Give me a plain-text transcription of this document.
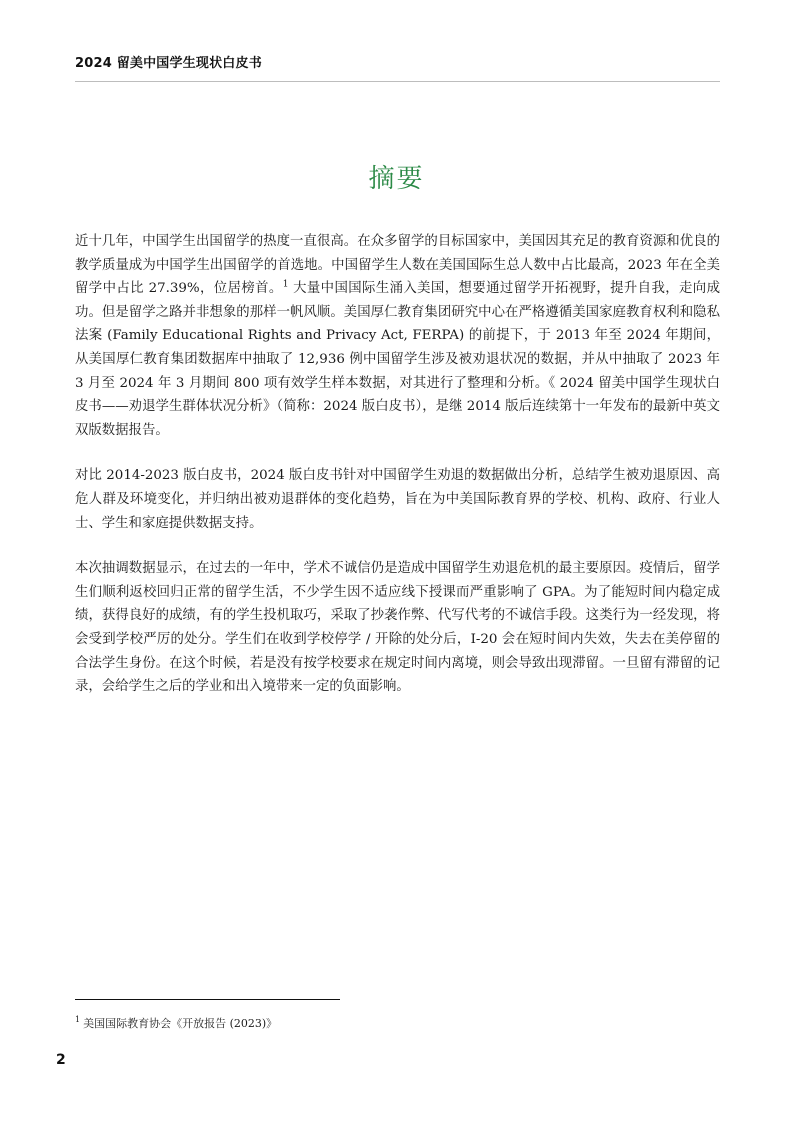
2024 留美中国学生现状白皮书
摘要

近十几年，中国学生出国留学的热度一直很高。在众多留学的目标国家中，美国因其充足的教育资源和优良的教学质量成为中国学生出国留学的首选地。中国留学生人数在美国国际生总人数中占比最高，2023 年在全美留学中占比 27.39%，位居榜首。$^1$ 大量中国国际生涌入美国，想要通过留学开拓视野，提升自我，走向成功。但是留学之路并非想象的那样一帆风顺。美国厚仁教育集团研究中心在严格遵循美国家庭教育权利和隐私法案 (Family Educational Rights and Privacy Act, FERPA) 的前提下，于 2013 年至 2024 年期间，从美国厚仁教育集团数据库中抽取了 12,936 例中国留学生涉及被劝退状况的数据，并从中抽取了 2023 年 3 月至 2024 年 3 月期间 800 项有效学生样本数据，对其进行了整理和分析。《 2024 留美中国学生现状白皮书——劝退学生群体状况分析》（简称：2024 版白皮书），是继 2014 版后连续第十一年发布的最新中英文双版数据报告。

对比 2014-2023 版白皮书，2024 版白皮书针对中国留学生劝退的数据做出分析，总结学生被劝退原因、高危人群及环境变化，并归纳出被劝退群体的变化趋势，旨在为中美国际教育界的学校、机构、政府、行业人士、学生和家庭提供数据支持。

本次抽调数据显示，在过去的一年中，学术不诚信仍是造成中国留学生劝退危机的最主要原因。疫情后，留学生们顺利返校回归正常的留学生活，不少学生因不适应线下授课而严重影响了 GPA。为了能短时间内稳定成绩，获得良好的成绩，有的学生投机取巧，采取了抄袭作弊、代写代考的不诚信手段。这类行为一经发现，将会受到学校严厉的处分。学生们在收到学校停学 / 开除的处分后，I-20 会在短时间内失效，失去在美停留的合法学生身份。在这个时候，若是没有按学校要求在规定时间内离境，则会导致出现滞留。一旦留有滞留的记录，会给学生之后的学业和出入境带来一定的负面影响。

$^1$ 美国国际教育协会《开放报告 (2023)》
2
